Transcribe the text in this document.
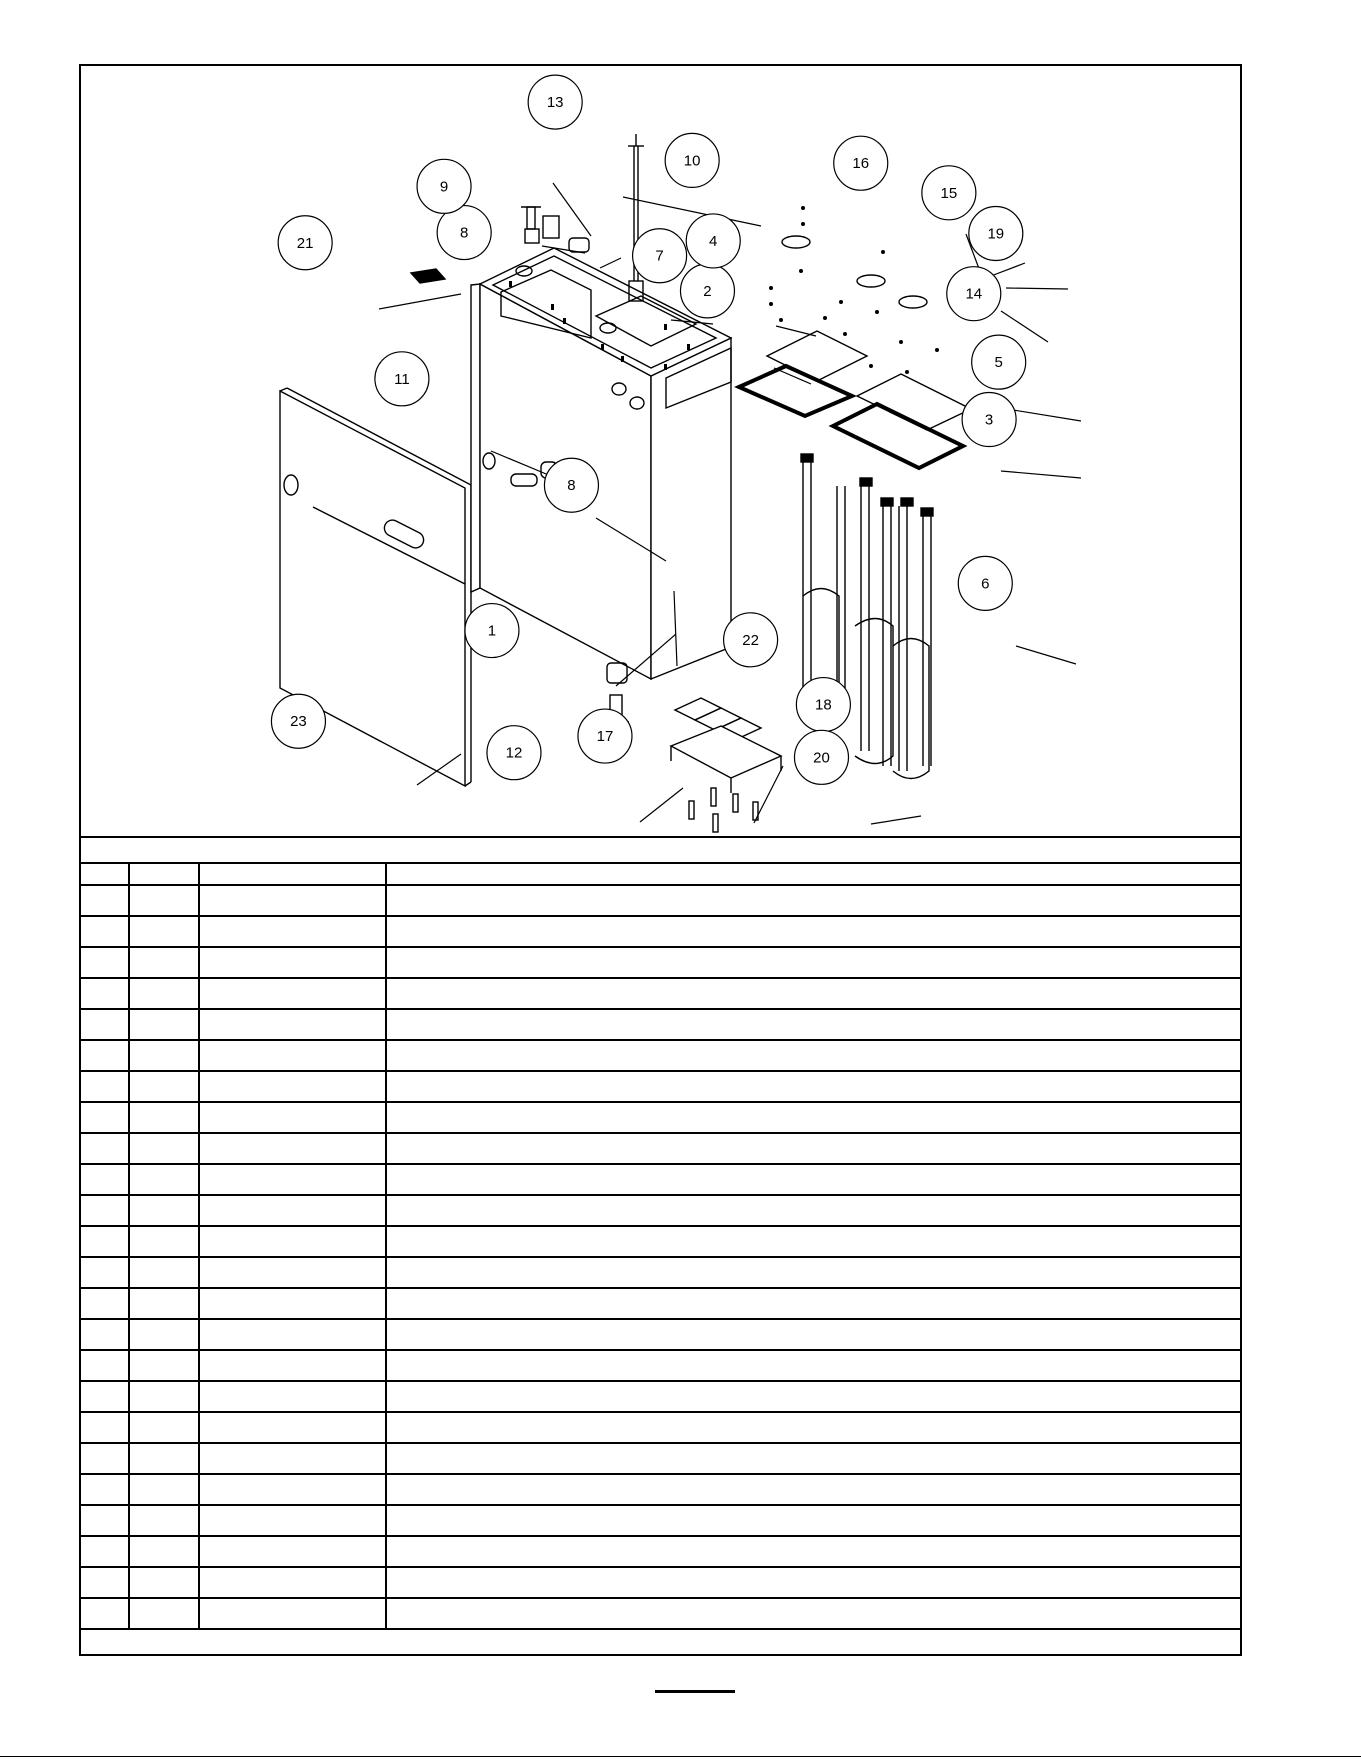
1
2
3
4
5
6
7
8
8
9
10
11
12
13
14
15
16
17
18
19
20
21
22
23
